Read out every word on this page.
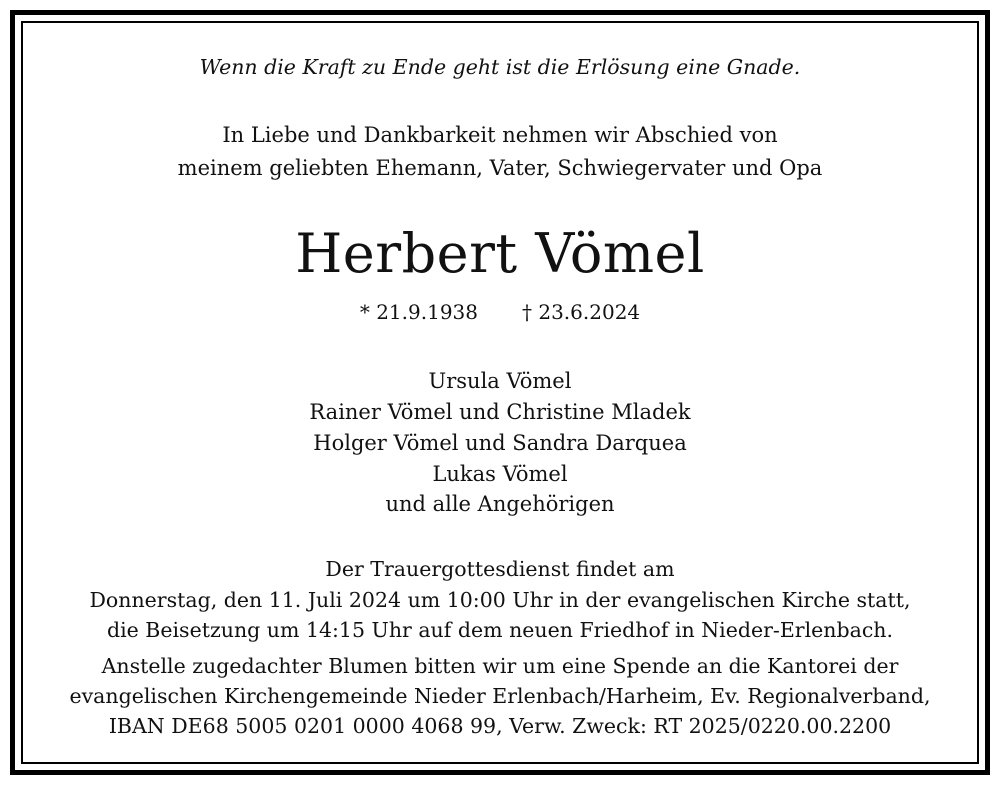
Wenn die Kraft zu Ende geht ist die Erlösung eine Gnade.
In Liebe und Dankbarkeit nehmen wir Abschied von
meinem geliebten Ehemann, Vater, Schwiegervater und Opa
Herbert Vömel
* 21.9.1938 † 23.6.2024
Ursula Vömel
Rainer Vömel und Christine Mladek
Holger Vömel und Sandra Darquea
Lukas Vömel
und alle Angehörigen
Der Trauergottesdienst findet am
Donnerstag, den 11. Juli 2024 um 10:00 Uhr in der evangelischen Kirche statt,
die Beisetzung um 14:15 Uhr auf dem neuen Friedhof in Nieder-Erlenbach.
Anstelle zugedachter Blumen bitten wir um eine Spende an die Kantorei der
evangelischen Kirchengemeinde Nieder Erlenbach/Harheim, Ev. Regionalverband,
IBAN DE68 5005 0201 0000 4068 99, Verw. Zweck: RT 2025/0220.00.2200
